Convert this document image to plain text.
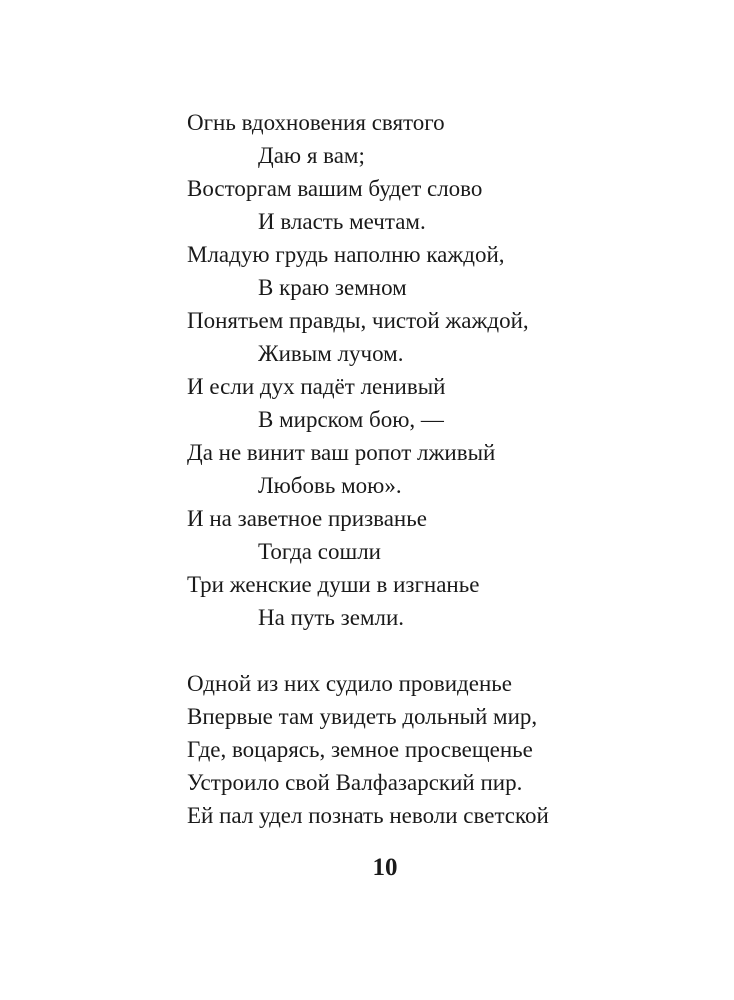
Огнь вдохновения святого
Даю я вам;
Восторгам вашим будет слово
И власть мечтам.
Младую грудь наполню каждой,
В краю земном
Понятьем правды, чистой жаждой,
Живым лучом.
И если дух падёт ленивый
В мирском бою, —
Да не винит ваш ропот лживый
Любовь мою».
И на заветное призванье
Тогда сошли
Три женские души в изгнанье
На путь земли.
Одной из них судило провиденье
Впервые там увидеть дольный мир,
Где, воцарясь, земное просвещенье
Устроило свой Валфазарский пир.
Ей пал удел познать неволи светской
10
